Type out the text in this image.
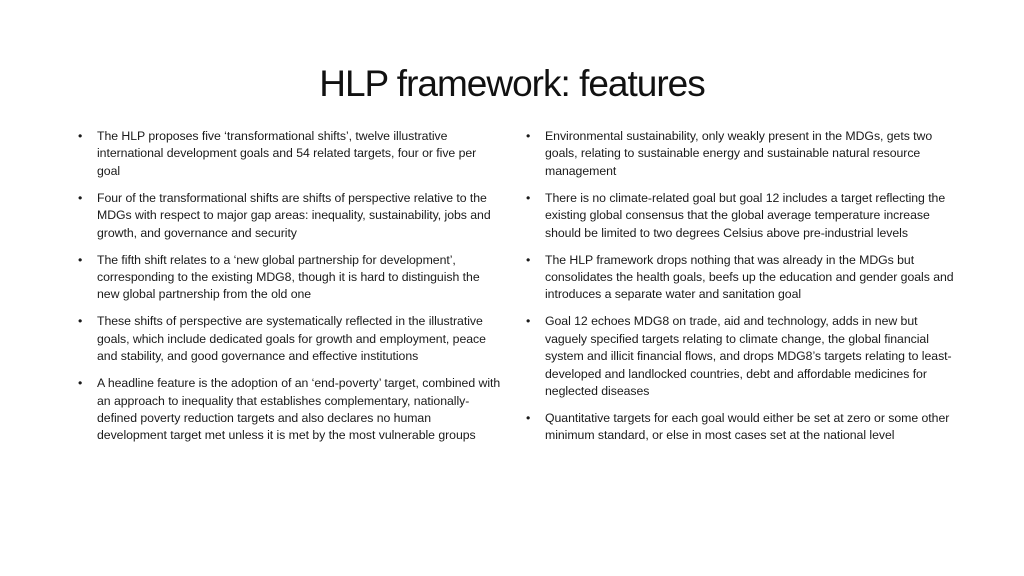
HLP framework: features
• The HLP proposes five ‘transformational shifts’, twelve illustrative international development goals and 54 related targets, four or five per goal
• Four of the transformational shifts are shifts of perspective relative to the MDGs with respect to major gap areas: inequality, sustainability, jobs and growth, and governance and security
• The fifth shift relates to a ‘new global partnership for development’, corresponding to the existing MDG8, though it is hard to distinguish the new global partnership from the old one
• These shifts of perspective are systematically reflected in the illustrative goals, which include dedicated goals for growth and employment, peace and stability, and good governance and effective institutions
• A headline feature is the adoption of an ‘end-poverty’ target, combined with an approach to inequality that establishes complementary, nationally-defined poverty reduction targets and also declares no human development target met unless it is met by the most vulnerable groups
• Environmental sustainability, only weakly present in the MDGs, gets two goals, relating to sustainable energy and sustainable natural resource management
• There is no climate-related goal but goal 12 includes a target reflecting the existing global consensus that the global average temperature increase should be limited to two degrees Celsius above pre-industrial levels
• The HLP framework drops nothing that was already in the MDGs but consolidates the health goals, beefs up the education and gender goals and introduces a separate water and sanitation goal
• Goal 12 echoes MDG8 on trade, aid and technology, adds in new but vaguely specified targets relating to climate change, the global financial system and illicit financial flows, and drops MDG8’s targets relating to least-developed and landlocked countries, debt and affordable medicines for neglected diseases
• Quantitative targets for each goal would either be set at zero or some other minimum standard, or else in most cases set at the national level
